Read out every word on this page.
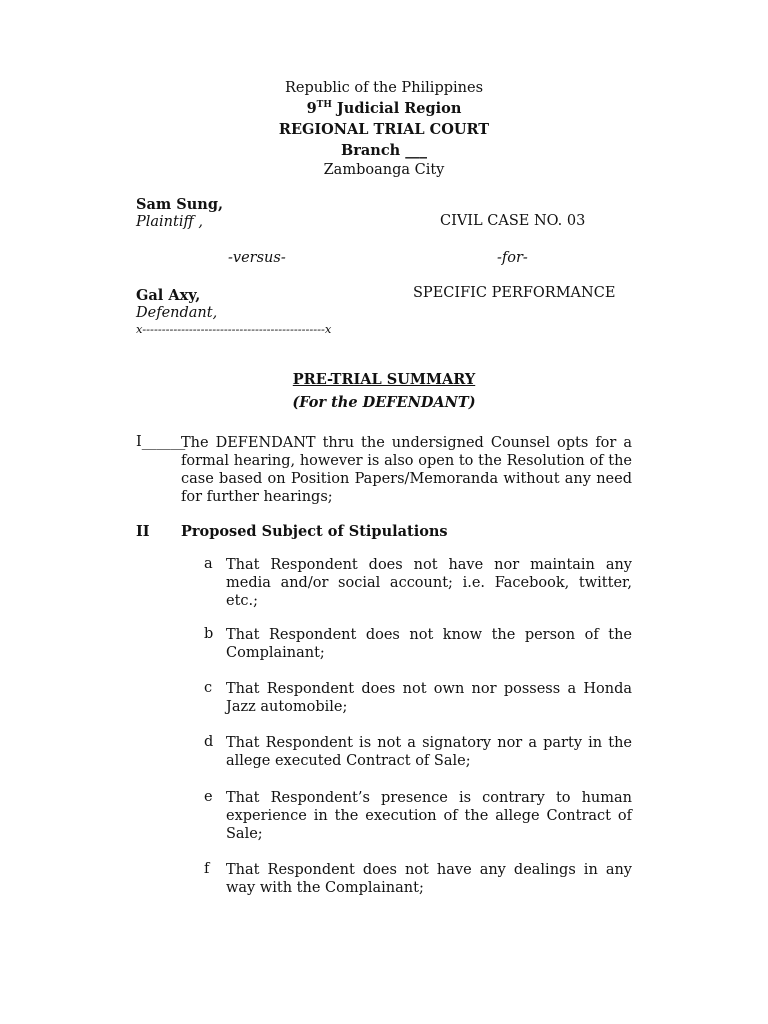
Republic of the Philippines
9TH Judicial Region
REGIONAL TRIAL COURT
Branch ___
Zamboanga City
Sam Sung,
Plaintiff ,	CIVIL CASE NO. 03
-versus-	-for-
Gal Axy,	SPECIFIC PERFORMANCE
Defendant,
x-----------------------------------------------x
PRE-TRIAL SUMMARY
(For the DEFENDANT)
I______
The DEFENDANT thru the undersigned Counsel opts for a formal hearing, however is also open to the Resolution of the case based on Position Papers/Memoranda without any need for further hearings;
II Proposed Subject of Stipulations
a That Respondent does not have nor maintain any media and/or social account; i.e. Facebook, twitter, etc.;
b That Respondent does not know the person of the Complainant;
c That Respondent does not own nor possess a Honda Jazz automobile;
d That Respondent is not a signatory nor a party in the allege executed Contract of Sale;
e That Respondent’s presence is contrary to human experience in the execution of the allege Contract of Sale;
f That Respondent does not have any dealings in any way with the Complainant;
